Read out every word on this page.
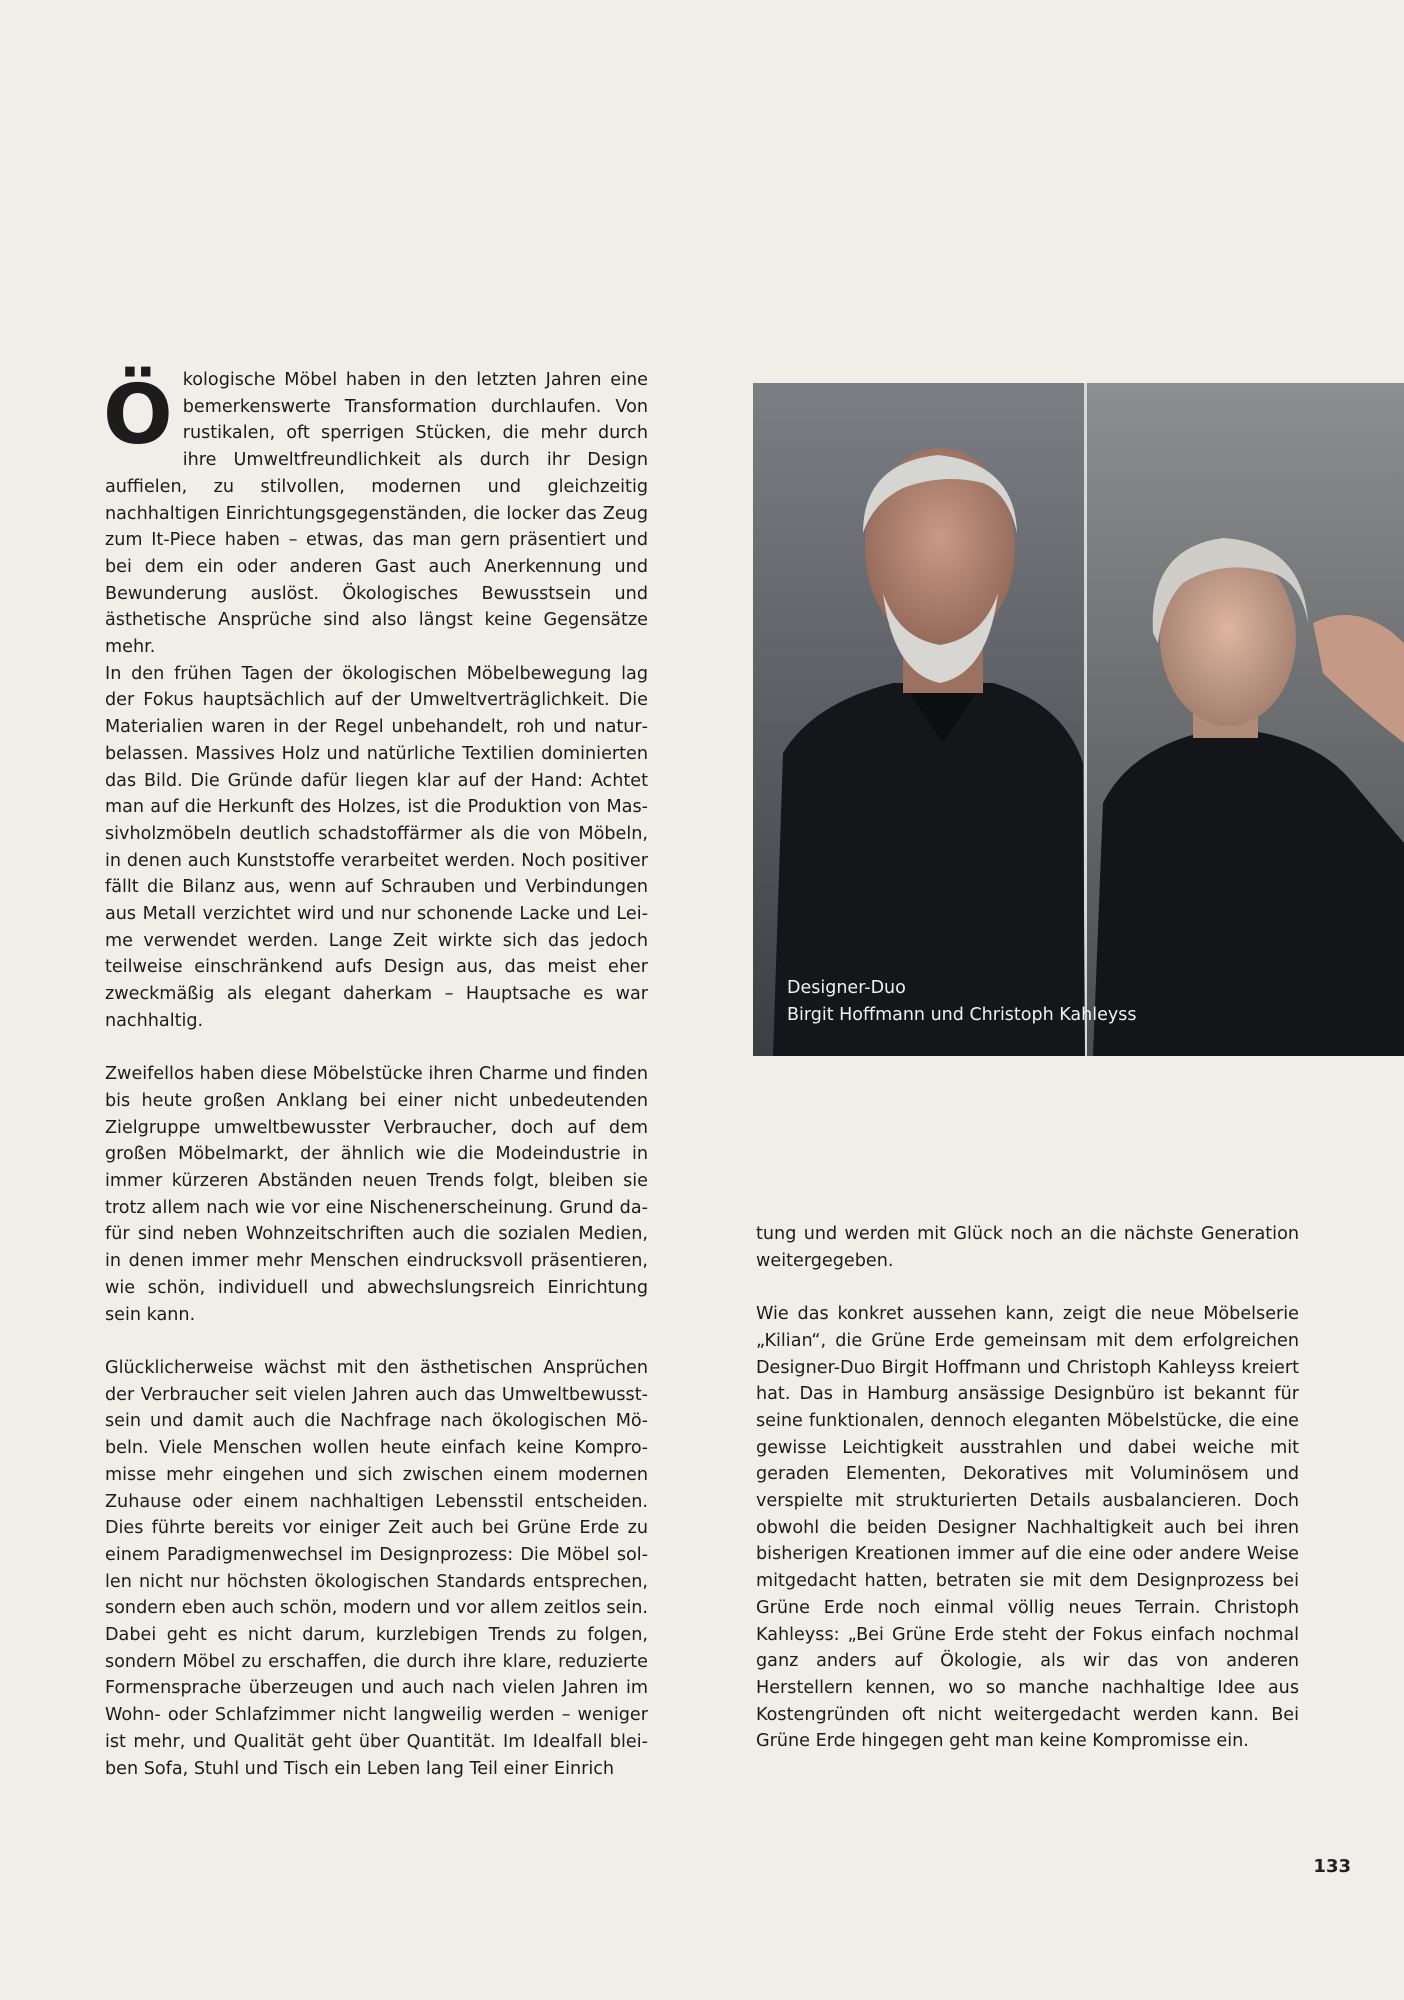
Ökologische Möbel haben in den letzten Jahren eine bemerkenswerte Transformation durchlaufen. Von rustikalen, oft sperrigen Stücken, die mehr durch ihre Umweltfreundlichkeit als durch ihr Design auffielen, zu stilvollen, modernen und gleichzeitig nachhaltigen Einrichtungsgegenständen, die locker das Zeug zum It-Piece haben – etwas, das man gern präsentiert und bei dem ein oder anderen Gast auch Anerkennung und Bewunderung auslöst. Ökologisches Bewusstsein und ästhetische Ansprüche sind also längst keine Gegensätze mehr.

In den frühen Tagen der ökologischen Möbelbewegung lag der Fokus hauptsächlich auf der Umweltverträglichkeit. Die Materialien waren in der Regel unbehandelt, roh und naturbelassen. Massives Holz und natürliche Textilien dominierten das Bild. Die Gründe dafür liegen klar auf der Hand: Achtet man auf die Herkunft des Holzes, ist die Produktion von Massivholzmöbeln deutlich schadstoffärmer als die von Möbeln, in denen auch Kunststoffe verarbeitet werden. Noch positiver fällt die Bilanz aus, wenn auf Schrauben und Verbindungen aus Metall verzichtet wird und nur schonende Lacke und Leime verwendet werden. Lange Zeit wirkte sich das jedoch teilweise einschränkend aufs Design aus, das meist eher zweckmäßig als elegant daherkam – Hauptsache es war nachhaltig.

Zweifellos haben diese Möbelstücke ihren Charme und finden bis heute großen Anklang bei einer nicht unbedeutenden Zielgruppe umweltbewusster Verbraucher, doch auf dem großen Möbelmarkt, der ähnlich wie die Modeindustrie in immer kürzeren Abständen neuen Trends folgt, bleiben sie trotz allem nach wie vor eine Nischenerscheinung. Grund dafür sind neben Wohnzeitschriften auch die sozialen Medien, in denen immer mehr Menschen eindrucksvoll präsentieren, wie schön, individuell und abwechslungsreich Einrichtung sein kann.

Glücklicherweise wächst mit den ästhetischen Ansprüchen der Verbraucher seit vielen Jahren auch das Umweltbewusstsein und damit auch die Nachfrage nach ökologischen Möbeln. Viele Menschen wollen heute einfach keine Kompromisse mehr eingehen und sich zwischen einem modernen Zuhause oder einem nachhaltigen Lebensstil entscheiden. Dies führte bereits vor einiger Zeit auch bei Grüne Erde zu einem Paradigmenwechsel im Designprozess: Die Möbel sollen nicht nur höchsten ökologischen Standards entsprechen, sondern eben auch schön, modern und vor allem zeitlos sein. Dabei geht es nicht darum, kurzlebigen Trends zu folgen, sondern Möbel zu erschaffen, die durch ihre klare, reduzierte Formensprache überzeugen und auch nach vielen Jahren im Wohn- oder Schlafzimmer nicht langweilig werden – weniger ist mehr, und Qualität geht über Quantität. Im Idealfall bleiben Sofa, Stuhl und Tisch ein Leben lang Teil einer Einrich

Designer-Duo
Birgit Hoffmann und Christoph Kahleyss

tung und werden mit Glück noch an die nächste Generation weitergegeben.

Wie das konkret aussehen kann, zeigt die neue Möbelserie „Kilian“, die Grüne Erde gemeinsam mit dem erfolgreichen Designer-Duo Birgit Hoffmann und Christoph Kahleyss kreiert hat. Das in Hamburg ansässige Designbüro ist bekannt für seine funktionalen, dennoch eleganten Möbelstücke, die eine gewisse Leichtigkeit ausstrahlen und dabei weiche mit geraden Elementen, Dekoratives mit Voluminösem und verspielte mit strukturierten Details ausbalancieren. Doch obwohl die beiden Designer Nachhaltigkeit auch bei ihren bisherigen Kreationen immer auf die eine oder andere Weise mitgedacht hatten, betraten sie mit dem Designprozess bei Grüne Erde noch einmal völlig neues Terrain. Christoph Kahleyss: „Bei Grüne Erde steht der Fokus einfach nochmal ganz anders auf Ökologie, als wir das von anderen Herstellern kennen, wo so manche nachhaltige Idee aus Kostengründen oft nicht weitergedacht werden kann. Bei Grüne Erde hingegen geht man keine Kompromisse ein.

133
